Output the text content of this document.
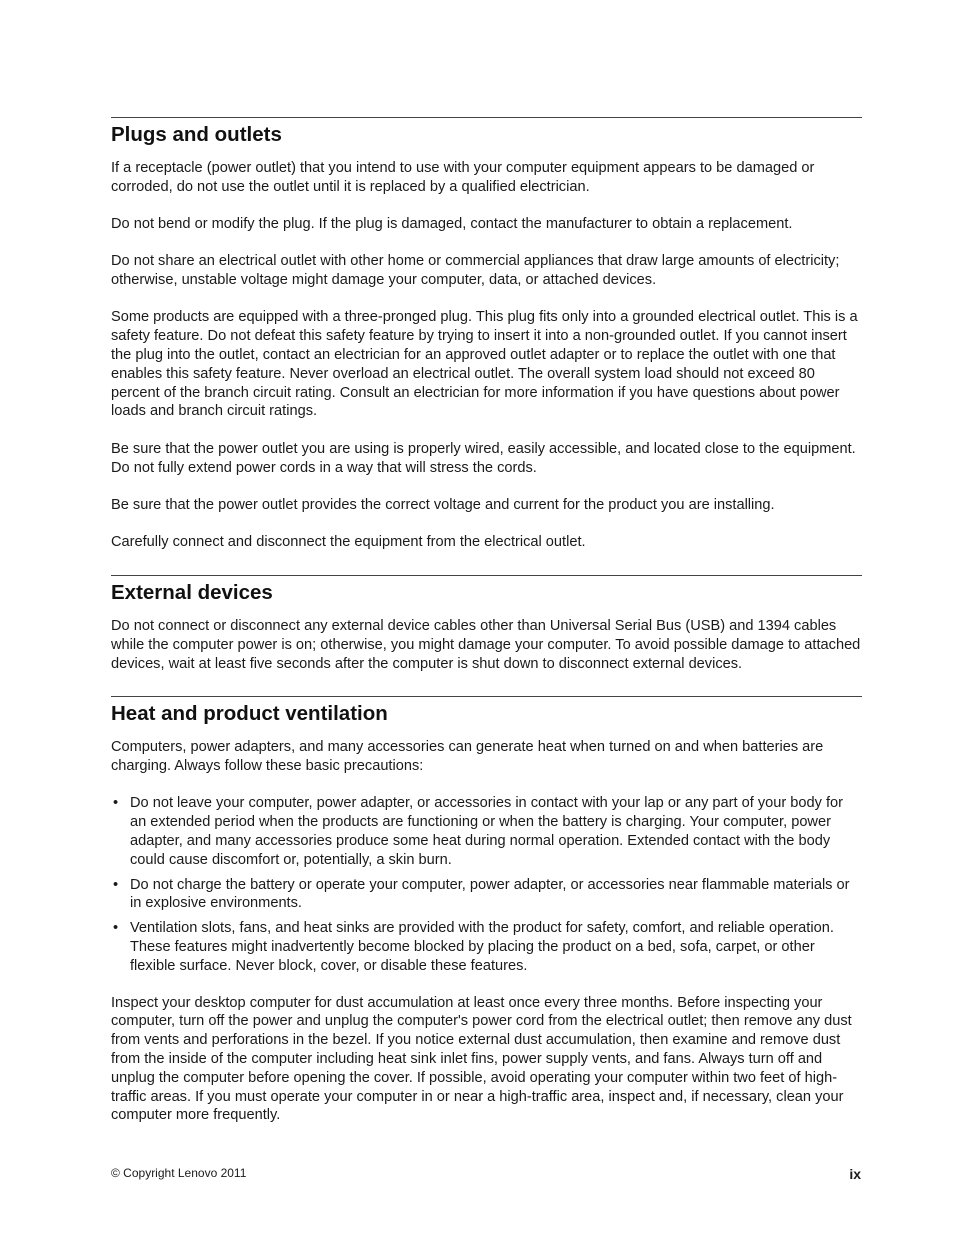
Plugs and outlets

If a receptacle (power outlet) that you intend to use with your computer equipment appears to be damaged or corroded, do not use the outlet until it is replaced by a qualified electrician.

Do not bend or modify the plug. If the plug is damaged, contact the manufacturer to obtain a replacement.

Do not share an electrical outlet with other home or commercial appliances that draw large amounts of electricity; otherwise, unstable voltage might damage your computer, data, or attached devices.

Some products are equipped with a three-pronged plug. This plug fits only into a grounded electrical outlet. This is a safety feature. Do not defeat this safety feature by trying to insert it into a non-grounded outlet. If you cannot insert the plug into the outlet, contact an electrician for an approved outlet adapter or to replace the outlet with one that enables this safety feature. Never overload an electrical outlet. The overall system load should not exceed 80 percent of the branch circuit rating. Consult an electrician for more information if you have questions about power loads and branch circuit ratings.

Be sure that the power outlet you are using is properly wired, easily accessible, and located close to the equipment. Do not fully extend power cords in a way that will stress the cords.

Be sure that the power outlet provides the correct voltage and current for the product you are installing.

Carefully connect and disconnect the equipment from the electrical outlet.

External devices

Do not connect or disconnect any external device cables other than Universal Serial Bus (USB) and 1394 cables while the computer power is on; otherwise, you might damage your computer. To avoid possible damage to attached devices, wait at least five seconds after the computer is shut down to disconnect external devices.

Heat and product ventilation

Computers, power adapters, and many accessories can generate heat when turned on and when batteries are charging. Always follow these basic precautions:

• Do not leave your computer, power adapter, or accessories in contact with your lap or any part of your body for an extended period when the products are functioning or when the battery is charging. Your computer, power adapter, and many accessories produce some heat during normal operation. Extended contact with the body could cause discomfort or, potentially, a skin burn.
• Do not charge the battery or operate your computer, power adapter, or accessories near flammable materials or in explosive environments.
• Ventilation slots, fans, and heat sinks are provided with the product for safety, comfort, and reliable operation. These features might inadvertently become blocked by placing the product on a bed, sofa, carpet, or other flexible surface. Never block, cover, or disable these features.

Inspect your desktop computer for dust accumulation at least once every three months. Before inspecting your computer, turn off the power and unplug the computer's power cord from the electrical outlet; then remove any dust from vents and perforations in the bezel. If you notice external dust accumulation, then examine and remove dust from the inside of the computer including heat sink inlet fins, power supply vents, and fans. Always turn off and unplug the computer before opening the cover. If possible, avoid operating your computer within two feet of high-traffic areas. If you must operate your computer in or near a high-traffic area, inspect and, if necessary, clean your computer more frequently.

© Copyright Lenovo 2011	ix
